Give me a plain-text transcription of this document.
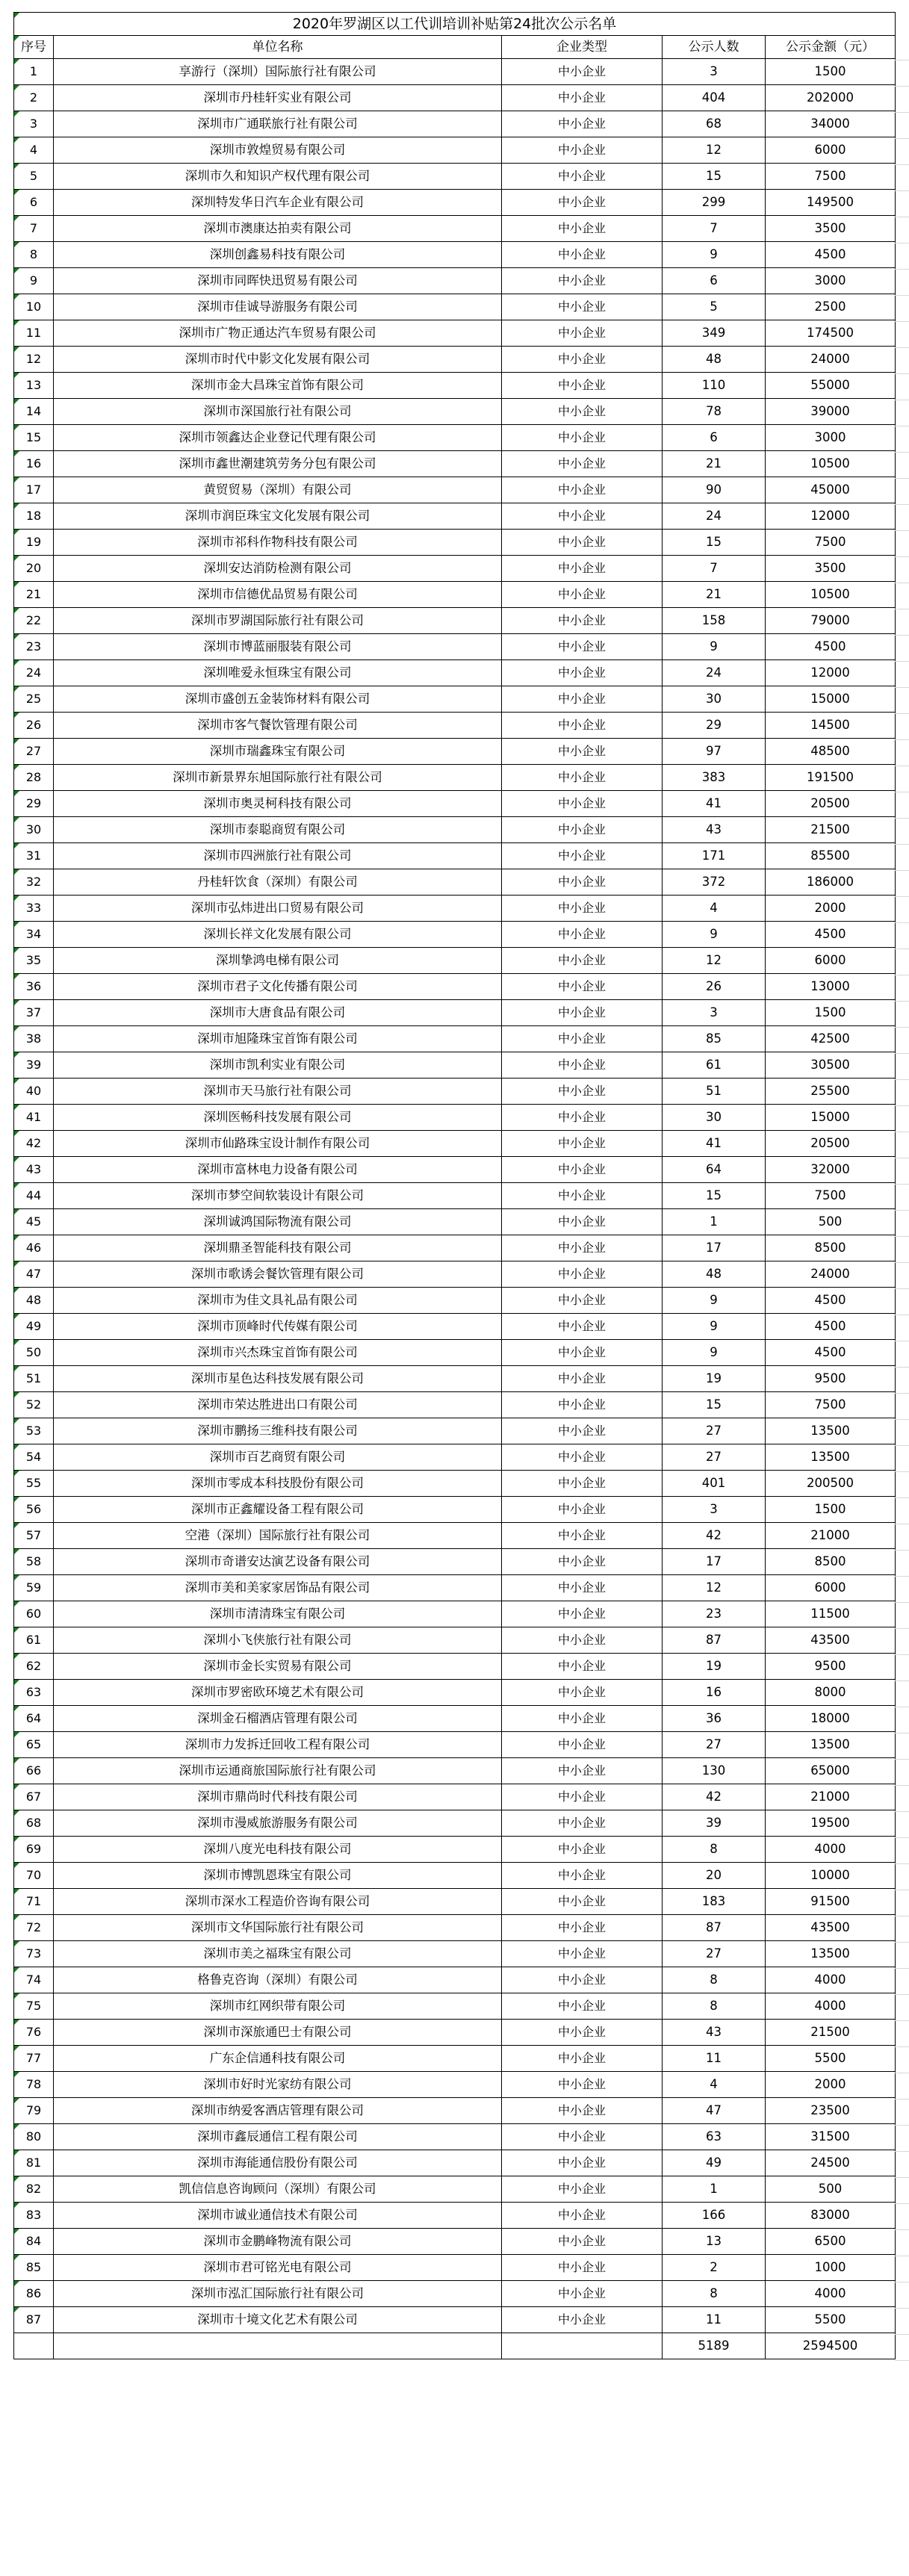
2020年罗湖区以工代训培训补贴第24批次公示名单				
序号	单位名称	企业类型	公示人数	公示金额（元）
1	享游行（深圳）国际旅行社有限公司	中小企业	3	1500
2	深圳市丹桂轩实业有限公司	中小企业	404	202000
3	深圳市广通联旅行社有限公司	中小企业	68	34000
4	深圳市敦煌贸易有限公司	中小企业	12	6000
5	深圳市久和知识产权代理有限公司	中小企业	15	7500
6	深圳特发华日汽车企业有限公司	中小企业	299	149500
7	深圳市澳康达拍卖有限公司	中小企业	7	3500
8	深圳创鑫易科技有限公司	中小企业	9	4500
9	深圳市同晖快迅贸易有限公司	中小企业	6	3000
10	深圳市佳诚导游服务有限公司	中小企业	5	2500
11	深圳市广物正通达汽车贸易有限公司	中小企业	349	174500
12	深圳市时代中影文化发展有限公司	中小企业	48	24000
13	深圳市金大昌珠宝首饰有限公司	中小企业	110	55000
14	深圳市深国旅行社有限公司	中小企业	78	39000
15	深圳市领鑫达企业登记代理有限公司	中小企业	6	3000
16	深圳市鑫世潮建筑劳务分包有限公司	中小企业	21	10500
17	黄贸贸易（深圳）有限公司	中小企业	90	45000
18	深圳市润臣珠宝文化发展有限公司	中小企业	24	12000
19	深圳市祁科作物科技有限公司	中小企业	15	7500
20	深圳安达消防检测有限公司	中小企业	7	3500
21	深圳市信德优品贸易有限公司	中小企业	21	10500
22	深圳市罗湖国际旅行社有限公司	中小企业	158	79000
23	深圳市博蓝丽服装有限公司	中小企业	9	4500
24	深圳唯爱永恒珠宝有限公司	中小企业	24	12000
25	深圳市盛创五金装饰材料有限公司	中小企业	30	15000
26	深圳市客气餐饮管理有限公司	中小企业	29	14500
27	深圳市瑞鑫珠宝有限公司	中小企业	97	48500
28	深圳市新景界东旭国际旅行社有限公司	中小企业	383	191500
29	深圳市奥灵柯科技有限公司	中小企业	41	20500
30	深圳市泰聪商贸有限公司	中小企业	43	21500
31	深圳市四洲旅行社有限公司	中小企业	171	85500
32	丹桂轩饮食（深圳）有限公司	中小企业	372	186000
33	深圳市弘炜进出口贸易有限公司	中小企业	4	2000
34	深圳长祥文化发展有限公司	中小企业	9	4500
35	深圳挚鸿电梯有限公司	中小企业	12	6000
36	深圳市君子文化传播有限公司	中小企业	26	13000
37	深圳市大唐食品有限公司	中小企业	3	1500
38	深圳市旭隆珠宝首饰有限公司	中小企业	85	42500
39	深圳市凯利实业有限公司	中小企业	61	30500
40	深圳市天马旅行社有限公司	中小企业	51	25500
41	深圳医畅科技发展有限公司	中小企业	30	15000
42	深圳市仙路珠宝设计制作有限公司	中小企业	41	20500
43	深圳市富林电力设备有限公司	中小企业	64	32000
44	深圳市梦空间软装设计有限公司	中小企业	15	7500
45	深圳诚鸿国际物流有限公司	中小企业	1	500
46	深圳鼎圣智能科技有限公司	中小企业	17	8500
47	深圳市歌诱会餐饮管理有限公司	中小企业	48	24000
48	深圳市为佳文具礼品有限公司	中小企业	9	4500
49	深圳市顶峰时代传媒有限公司	中小企业	9	4500
50	深圳市兴杰珠宝首饰有限公司	中小企业	9	4500
51	深圳市星色达科技发展有限公司	中小企业	19	9500
52	深圳市荣达胜进出口有限公司	中小企业	15	7500
53	深圳市鹏扬三维科技有限公司	中小企业	27	13500
54	深圳市百艺商贸有限公司	中小企业	27	13500
55	深圳市零成本科技股份有限公司	中小企业	401	200500
56	深圳市正鑫耀设备工程有限公司	中小企业	3	1500
57	空港（深圳）国际旅行社有限公司	中小企业	42	21000
58	深圳市奇谱安达演艺设备有限公司	中小企业	17	8500
59	深圳市美和美家家居饰品有限公司	中小企业	12	6000
60	深圳市清清珠宝有限公司	中小企业	23	11500
61	深圳小飞侠旅行社有限公司	中小企业	87	43500
62	深圳市金长实贸易有限公司	中小企业	19	9500
63	深圳市罗密欧环境艺术有限公司	中小企业	16	8000
64	深圳金石榴酒店管理有限公司	中小企业	36	18000
65	深圳市力发拆迁回收工程有限公司	中小企业	27	13500
66	深圳市运通商旅国际旅行社有限公司	中小企业	130	65000
67	深圳市鼎尚时代科技有限公司	中小企业	42	21000
68	深圳市漫威旅游服务有限公司	中小企业	39	19500
69	深圳八度光电科技有限公司	中小企业	8	4000
70	深圳市博凯恩珠宝有限公司	中小企业	20	10000
71	深圳市深水工程造价咨询有限公司	中小企业	183	91500
72	深圳市文华国际旅行社有限公司	中小企业	87	43500
73	深圳市美之福珠宝有限公司	中小企业	27	13500
74	格鲁克咨询（深圳）有限公司	中小企业	8	4000
75	深圳市红网织带有限公司	中小企业	8	4000
76	深圳市深旅通巴士有限公司	中小企业	43	21500
77	广东企信通科技有限公司	中小企业	11	5500
78	深圳市好时光家纺有限公司	中小企业	4	2000
79	深圳市纳爱客酒店管理有限公司	中小企业	47	23500
80	深圳市鑫辰通信工程有限公司	中小企业	63	31500
81	深圳市海能通信股份有限公司	中小企业	49	24500
82	凯信信息咨询顾问（深圳）有限公司	中小企业	1	500
83	深圳市诚业通信技术有限公司	中小企业	166	83000
84	深圳市金鹏峰物流有限公司	中小企业	13	6500
85	深圳市君可铭光电有限公司	中小企业	2	1000
86	深圳市泓汇国际旅行社有限公司	中小企业	8	4000
87	深圳市十境文化艺术有限公司	中小企业	11	5500
			5189	2594500
